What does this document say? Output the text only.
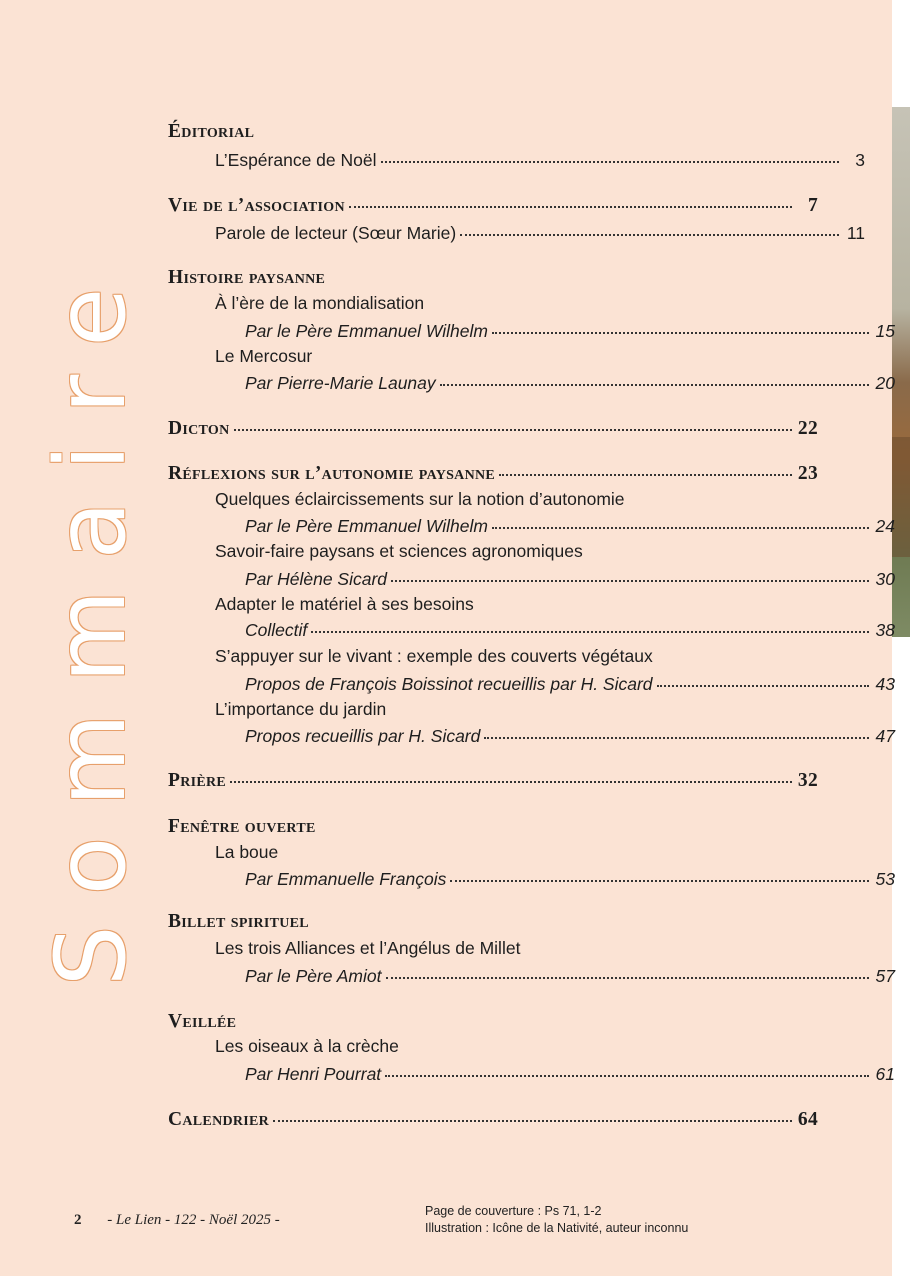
Sommaire
Éditorial
L’Espérance de Noël	3
Vie de l’association	7
Parole de lecteur (Sœur Marie)	11
Histoire paysanne
À l’ère de la mondialisation
Par le Père Emmanuel Wilhelm	15
Le Mercosur
Par Pierre-Marie Launay	20
Dicton	22
Réflexions sur l’autonomie paysanne	23
Quelques éclaircissements sur la notion d’autonomie
Par le Père Emmanuel Wilhelm	24
Savoir-faire paysans et sciences agronomiques
Par Hélène Sicard	30
Adapter le matériel à ses besoins
Collectif	38
S’appuyer sur le vivant : exemple des couverts végétaux
Propos de François Boissinot recueillis par H. Sicard	43
L’importance du jardin
Propos recueillis par H. Sicard	47
Prière	32
Fenêtre ouverte
La boue
Par Emmanuelle François	53
Billet spirituel
Les trois Alliances et l’Angélus de Millet
Par le Père Amiot	57
Veillée
Les oiseaux à la crèche
Par Henri Pourrat	61
Calendrier	64
2 - Le Lien - 122 - Noël 2025 -
Page de couverture : Ps 71, 1-2
Illustration : Icône de la Nativité, auteur inconnu
